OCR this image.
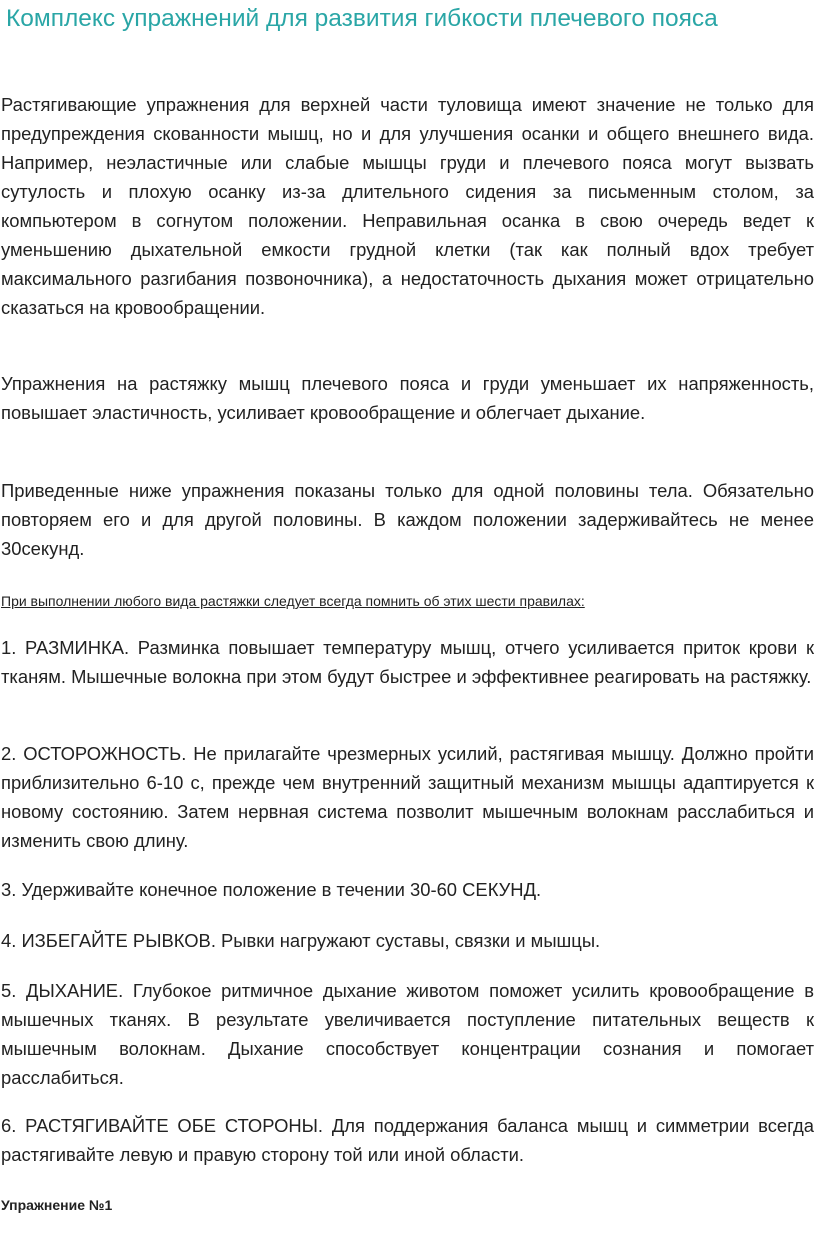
Комплекс упражнений для развития гибкости плечевого пояса

Растягивающие упражнения для верхней части туловища имеют значение не только для предупреждения скованности мышц, но и для улучшения осанки и общего внешнего вида. Например, неэластичные или слабые мышцы груди и плечевого пояса могут вызвать сутулость и плохую осанку из-за длительного сидения за письменным столом, за компьютером в согнутом положении. Неправильная осанка в свою очередь ведет к уменьшению дыхательной емкости грудной клетки (так как полный вдох требует максимального разгибания позвоночника), а недостаточность дыхания может отрицательно сказаться на кровообращении.

Упражнения на растяжку мышц плечевого пояса и груди уменьшает их напряженность, повышает эластичность, усиливает кровообращение и облегчает дыхание.

Приведенные ниже упражнения показаны только для одной половины тела. Обязательно повторяем его и для другой половины. В каждом положении задерживайтесь не менее 30секунд.

При выполнении любого вида растяжки следует всегда помнить об этих шести правилах:

1. РАЗМИНКА. Разминка повышает температуру мышц, отчего усиливается приток крови к тканям. Мышечные волокна при этом будут быстрее и эффективнее реагировать на растяжку.

2. ОСТОРОЖНОСТЬ. Не прилагайте чрезмерных усилий, растягивая мышцу. Должно пройти приблизительно 6-10 с, прежде чем внутренний защитный механизм мышцы адаптируется к новому состоянию. Затем нервная система позволит мышечным волокнам расслабиться и изменить свою длину.

3. Удерживайте конечное положение в течении 30-60 СЕКУНД.

4. ИЗБЕГАЙТЕ РЫВКОВ. Рывки нагружают суставы, связки и мышцы.

5. ДЫХАНИЕ. Глубокое ритмичное дыхание животом поможет усилить кровообращение в мышечных тканях. В результате увеличивается поступление питательных веществ к мышечным волокнам. Дыхание способствует концентрации сознания и помогает расслабиться.

6. РАСТЯГИВАЙТЕ ОБЕ СТОРОНЫ. Для поддержания баланса мышц и симметрии всегда растягивайте левую и правую сторону той или иной области.

Упражнение №1
